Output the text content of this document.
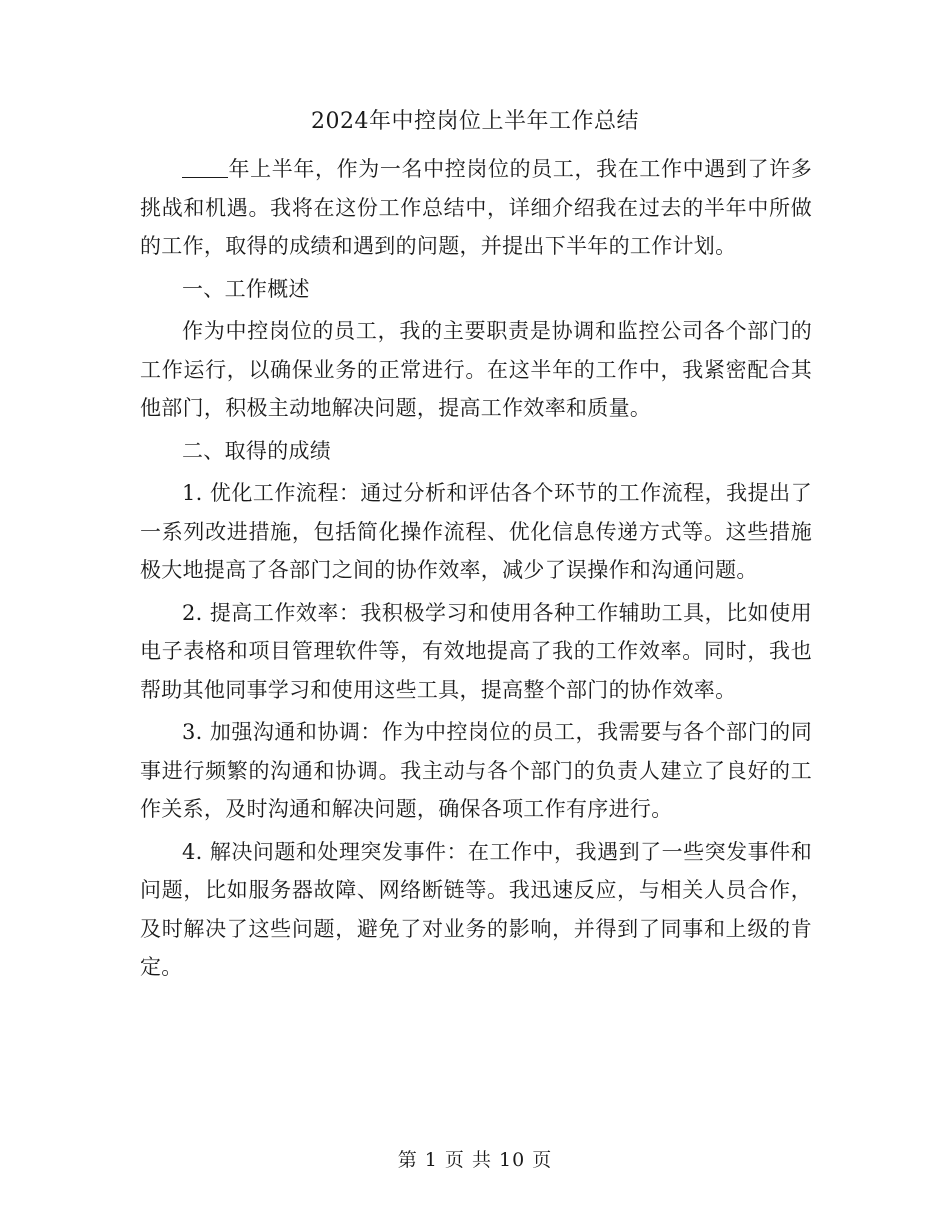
2024年中控岗位上半年工作总结

年上半年，作为一名中控岗位的员工，我在工作中遇到了许多挑战和机遇。我将在这份工作总结中，详细介绍我在过去的半年中所做的工作，取得的成绩和遇到的问题，并提出下半年的工作计划。

一、工作概述

作为中控岗位的员工，我的主要职责是协调和监控公司各个部门的工作运行，以确保业务的正常进行。在这半年的工作中，我紧密配合其他部门，积极主动地解决问题，提高工作效率和质量。

二、取得的成绩

1. 优化工作流程：通过分析和评估各个环节的工作流程，我提出了一系列改进措施，包括简化操作流程、优化信息传递方式等。这些措施极大地提高了各部门之间的协作效率，减少了误操作和沟通问题。

2. 提高工作效率：我积极学习和使用各种工作辅助工具，比如使用电子表格和项目管理软件等，有效地提高了我的工作效率。同时，我也帮助其他同事学习和使用这些工具，提高整个部门的协作效率。

3. 加强沟通和协调：作为中控岗位的员工，我需要与各个部门的同事进行频繁的沟通和协调。我主动与各个部门的负责人建立了良好的工作关系，及时沟通和解决问题，确保各项工作有序进行。

4. 解决问题和处理突发事件：在工作中，我遇到了一些突发事件和问题，比如服务器故障、网络断链等。我迅速反应，与相关人员合作，及时解决了这些问题，避免了对业务的影响，并得到了同事和上级的肯定。

第 1 页 共 10 页
